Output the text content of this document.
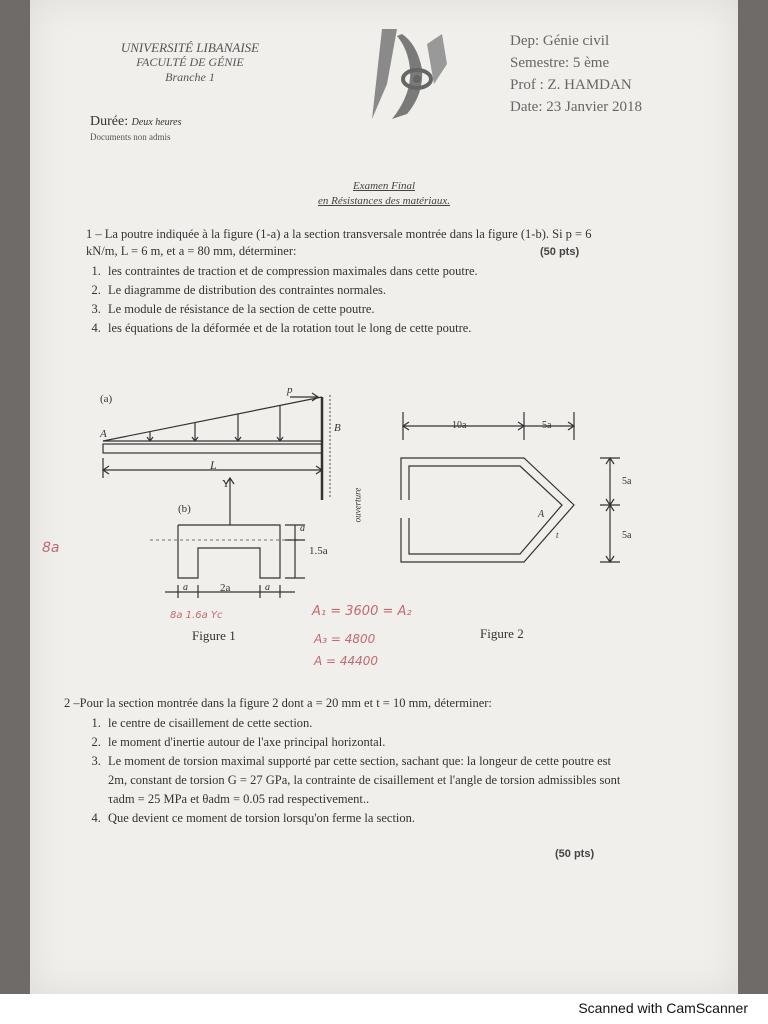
UNIVERSITÉ LIBANAISE
FACULTÉ DE GÉNIE
Branche 1
Dep: Génie civil
Semestre: 5 ème
Prof : Z. HAMDAN
Date: 23 Janvier 2018
Durée: Deux heures
Documents non admis
Examen Final
en Résistances des matériaux.
1 – La poutre indiquée à la figure (1-a) a la section transversale montrée dans la figure (1-b). Si p = 6 kN/m, L = 6 m, et a = 80 mm, déterminer:	(50 pts)
1. les contraintes de traction et de compression maximales dans cette poutre.
2. Le diagramme de distribution des contraintes normales.
3. Le module de résistance de la section de cette poutre.
4. les équations de la déformée et de la rotation tout le long de cette poutre.
(a)
A	B
p
L
(b)
Y
a
1.5a
a	2a	a
Figure 1
10a	5a
5a
5a
A
t
ouverture
Figure 2
A₁ = 3600 = A₂
A₃ = 4800
A = 44400
8a
8a 1.6a Yᴄ
2 –Pour la section montrée dans la figure 2 dont a = 20 mm et t = 10 mm, déterminer:
1. le centre de cisaillement de cette section.
2. le moment d'inertie autour de l'axe principal horizontal.
3. Le moment de torsion maximal supporté par cette section, sachant que: la longeur de cette poutre est 2m, constant de torsion G = 27 GPa, la contrainte de cisaillement et l'angle de torsion admissibles sont τadm = 25 MPa et θadm = 0.05 rad respectivement..
4. Que devient ce moment de torsion lorsqu'on ferme la section.
(50 pts)
Scanned with CamScanner
